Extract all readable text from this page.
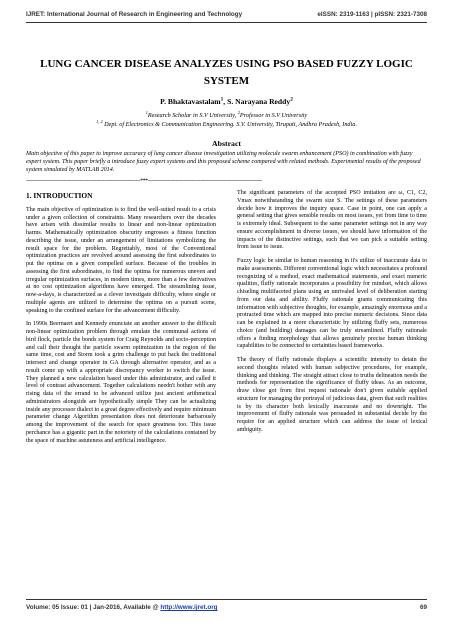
IJRET: International Journal of Research in Engineering and Technology	eISSN: 2319-1163 | pISSN: 2321-7308
LUNG CANCER DISEASE ANALYZES USING PSO BASED FUZZY LOGIC SYSTEM
P. Bhaktavastalam$^1$, S. Narayana Reddy$^2$
$^1$Research Scholar in S.V University, $^2$Professor in S.V University
$^{1, 2}$ Dept. of Electronics & Communication Engineering. S.V. University, Tirupati, Andhra Pradesh, India.
Abstract
Main objective of this paper to improve accuracy of lung cancer disease investigation utilizing molecule swarm enhancement (PSO) in combination with fuzzy expert system. This paper briefly a introduce fuzzy expert systems and this proposed scheme compared with related methods. Experimental results of the proposed system simulated by MATLAB 2014.
----------------------------------------------------------------------***----------------------------------------------------------------------
1. INTRODUCTION

The main objective of optimization is to find the well-suited result to a crisis under a given collection of constraints. Many researchers over the decades have arisen with dissimilar results to linear and non-linear optimization harms. Mathematically optimization obscurity engrosses a fitness function describing the issue, under an arrangement of limitations symbolizing the result space for the problem. Regrettably, most of the Conventional optimization practices are revolved around assessing the first subordinates to put the optima on a given compelled surface. Because of the troubles in assessing the first subordinates, to find the optima for numerous uneven and irregular optimization surfaces, in modern times, more than a few derivatives at no cost optimization algorithms have emerged. The streamlining issue, now-a-days, is characterized as a clever investigate difficulty, where single or multiple agents are utilized to determine the optima on a pursuit scene, speaking to the confined surface for the advancement difficulty.

In 1990s Beernaert and Kennedy enunciate an another answer to the difficult non-linear optimization problem through emulate the communal actions of bird flock, particle the bonds system for Craig Reynolds and socio-perception and call their thought the particle swarm optimization in the region of the same time, cost and Storm took a grim challenge to put back the traditional intersect and change operator in GA through alternative operator, and as a result come up with a appropriate discrepancy worker to switch the issue. They planned a new calculation based under this administrator, and called it level of contrast advancement. Together calculations needn't bother with any rising data of the errand to be advanced utilize just ancient arithmetical administrators alongside are hypothetically simple They can be actualizing inside any processor dialect to a great degree effectively and require minimum parameter change Algorithm presentation does not deteriorate barbarously among the improvement of the search for space greatness too. This issue perchance has a gigantic part in the notoriety of the calculations contained by the space of machine astuteness and artificial intelligence.

The significant parameters of the accepted PSO imitation are ω, C1, C2, Vmax notwithstanding the swarm size S. The settings of these parameters decide how it improves the inquiry space. Case in point, one can apply a general setting that gives sensible results on most issues, yet from time to time is extremely ideal. Subsequent to the same parameter settings not in any way ensure accomplishment in diverse issues, we should have information of the impacts of the distinctive settings, such that we can pick a suitable setting from issue to issue.

Fuzzy logic be similar to human reasoning in it's utilize of inaccurate data to make assessments. Different conventional logic which necessitates a profound recognizing of a method, exact mathematical statements, and exact numeric qualities, fluffy rationale incorporates a possibility for mindset, which allows chiseling multifaceted plans using an unrivaled level of deliberation starting from our data and ability. Fluffy rationale grants communicating this information with subjective thoughts, for example, amazingly enormous and a protracted time which are mapped into precise numeric decisions. Since data can be explained in a more characteristic by utilizing fluffy sets, numerous choice (and building) damages can be truly streamlined. Fluffy rationale offers a finding morphology that allows genuinely precise human thinking capabilities to be connected to certainties based frameworks.

The theory of fluffy rationale displays a scientific intensity to detain the second thoughts related with human subjective procedures, for example, thinking and thinking. The straight attract close to truths delineation needs the methods for representation the significance of fluffy ideas. As an outcome, draw close got from first request rationale don't given suitable applied structure for managing the portrayal of judicious data, given that such realities is by its character both lexically inaccurate and no downright. The improvement of fluffy rationale was persuaded in substantial decide by the require for an applied structure which can address the issue of lexical ambiguity.

Volume: 05 Issue: 01 | Jan-2016, Available @ http://www.ijret.org	69
